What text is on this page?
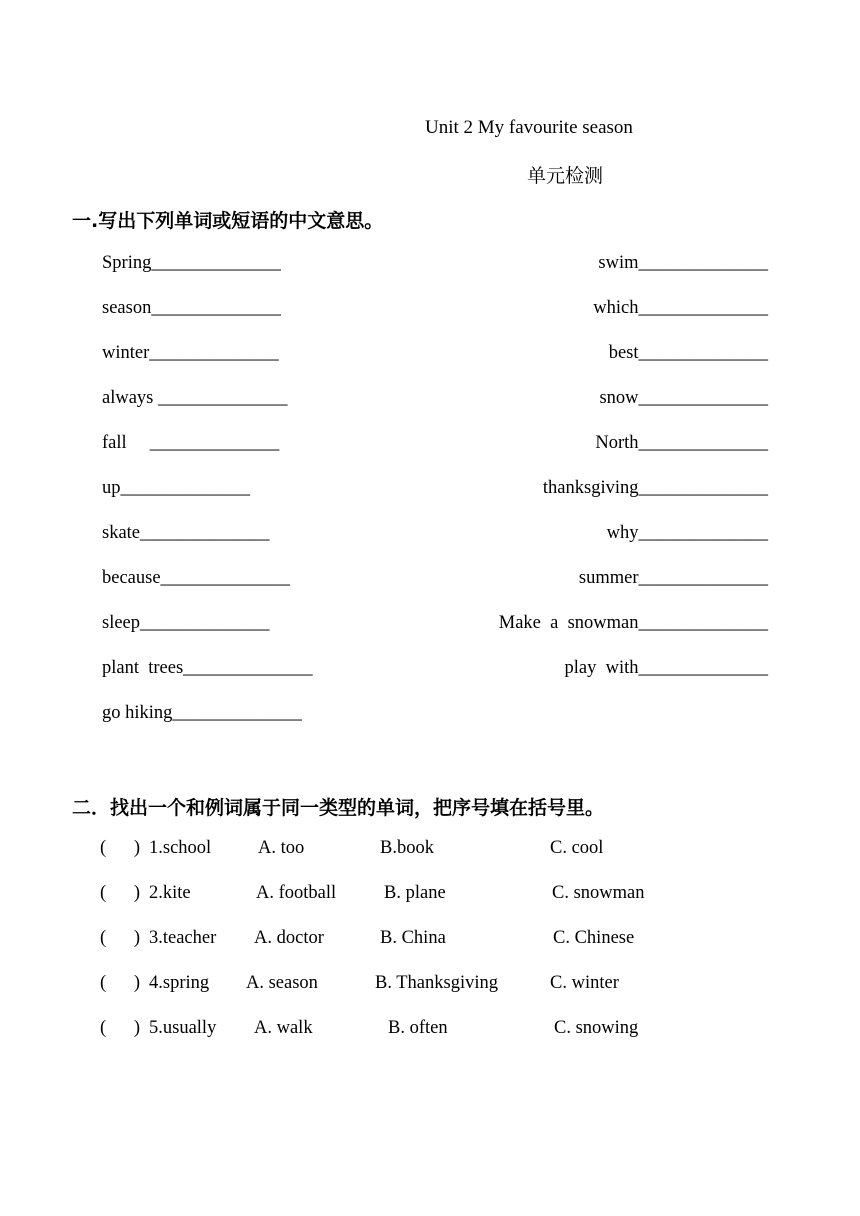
Unit 2 My favourite season
单元检测
一.写出下列单词或短语的中文意思。
Spring______________	swim______________
season______________	which______________
winter______________	best______________
always ______________	snow______________
fall     ______________	North______________
up______________	thanksgiving______________
skate______________	why______________
because______________	summer______________
sleep______________	Make  a  snowman______________
plant  trees______________	play  with______________
go hiking______________
二．找出一个和例词属于同一类型的单词，把序号填在括号里。
(      ) 1.school	A. too	B.book	C. cool
(      ) 2.kite	A. football	B. plane	C. snowman
(      ) 3.teacher A. doctor	B. China	C. Chinese
(      ) 4.spring A. season	B. Thanksgiving	C. winter
(      ) 5.usually A. walk	B. often	C. snowing
